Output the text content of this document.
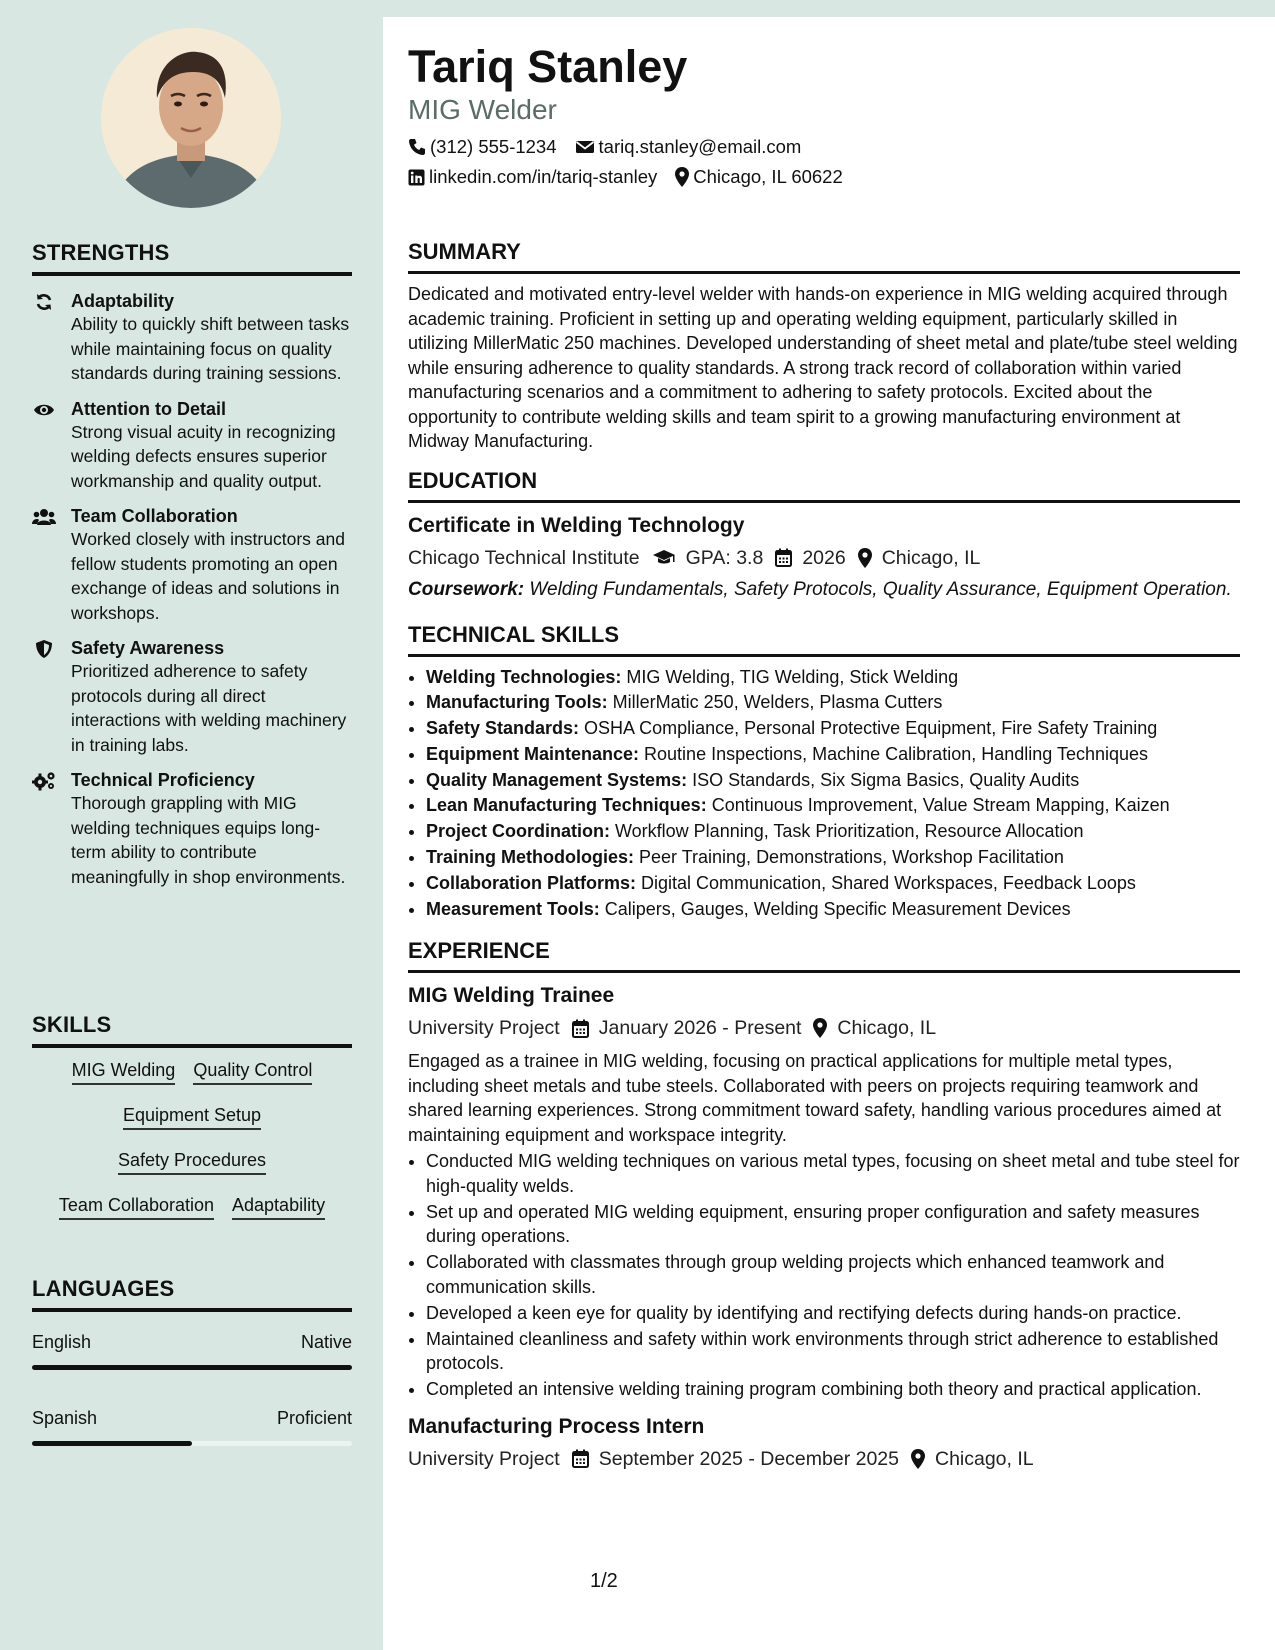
STRENGTHS
Adaptability
Ability to quickly shift between tasks while maintaining focus on quality standards during training sessions.
Attention to Detail
Strong visual acuity in recognizing welding defects ensures superior workmanship and quality output.
Team Collaboration
Worked closely with instructors and fellow students promoting an open exchange of ideas and solutions in workshops.
Safety Awareness
Prioritized adherence to safety protocols during all direct interactions with welding machinery in training labs.
Technical Proficiency
Thorough grappling with MIG welding techniques equips long-term ability to contribute meaningfully in shop environments.
SKILLS
MIG Welding Quality Control
Equipment Setup
Safety Procedures
Team Collaboration Adaptability
LANGUAGES
English	Native
Spanish	Proficient
Tariq Stanley
MIG Welder
(312) 555-1234 tariq.stanley@email.com
linkedin.com/in/tariq-stanley Chicago, IL 60622
SUMMARY
Dedicated and motivated entry-level welder with hands-on experience in MIG welding acquired through academic training. Proficient in setting up and operating welding equipment, particularly skilled in utilizing MillerMatic 250 machines. Developed understanding of sheet metal and plate/tube steel welding while ensuring adherence to quality standards. A strong track record of collaboration within varied manufacturing scenarios and a commitment to adhering to safety protocols. Excited about the opportunity to contribute welding skills and team spirit to a growing manufacturing environment at Midway Manufacturing.
EDUCATION
Certificate in Welding Technology
Chicago Technical Institute GPA: 3.8 2026 Chicago, IL
Coursework: Welding Fundamentals, Safety Protocols, Quality Assurance, Equipment Operation.
TECHNICAL SKILLS
• Welding Technologies: MIG Welding, TIG Welding, Stick Welding
• Manufacturing Tools: MillerMatic 250, Welders, Plasma Cutters
• Safety Standards: OSHA Compliance, Personal Protective Equipment, Fire Safety Training
• Equipment Maintenance: Routine Inspections, Machine Calibration, Handling Techniques
• Quality Management Systems: ISO Standards, Six Sigma Basics, Quality Audits
• Lean Manufacturing Techniques: Continuous Improvement, Value Stream Mapping, Kaizen
• Project Coordination: Workflow Planning, Task Prioritization, Resource Allocation
• Training Methodologies: Peer Training, Demonstrations, Workshop Facilitation
• Collaboration Platforms: Digital Communication, Shared Workspaces, Feedback Loops
• Measurement Tools: Calipers, Gauges, Welding Specific Measurement Devices
EXPERIENCE
MIG Welding Trainee
University Project January 2026 - Present Chicago, IL
Engaged as a trainee in MIG welding, focusing on practical applications for multiple metal types, including sheet metals and tube steels. Collaborated with peers on projects requiring teamwork and shared learning experiences. Strong commitment toward safety, handling various procedures aimed at maintaining equipment and workspace integrity.
• Conducted MIG welding techniques on various metal types, focusing on sheet metal and tube steel for high-quality welds.
• Set up and operated MIG welding equipment, ensuring proper configuration and safety measures during operations.
• Collaborated with classmates through group welding projects which enhanced teamwork and communication skills.
• Developed a keen eye for quality by identifying and rectifying defects during hands-on practice.
• Maintained cleanliness and safety within work environments through strict adherence to established protocols.
• Completed an intensive welding training program combining both theory and practical application.
Manufacturing Process Intern
University Project September 2025 - December 2025 Chicago, IL
1/2
